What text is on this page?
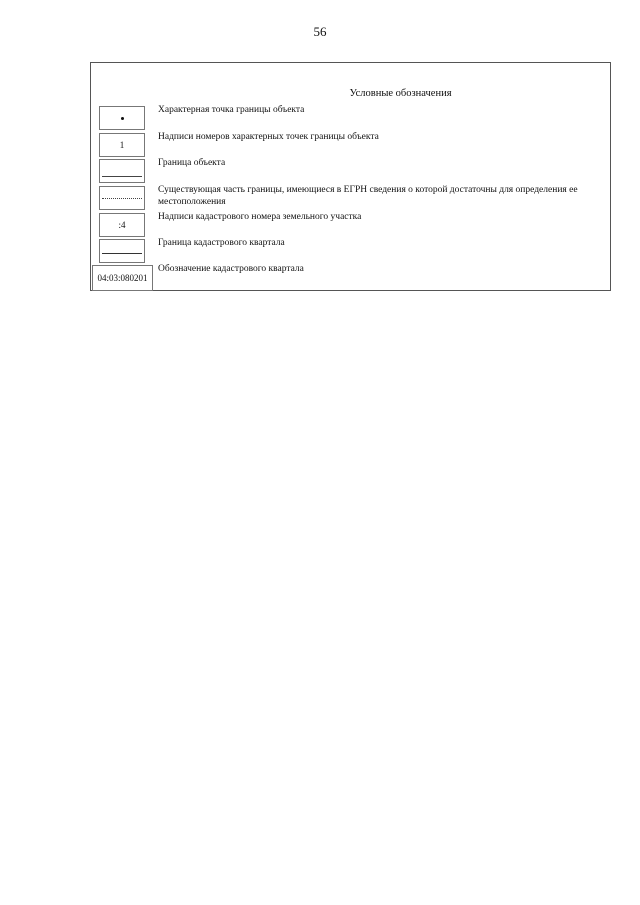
56
Условные обозначения
Характерная точка границы объекта
1
Надписи номеров характерных точек границы объекта
Граница объекта
Существующая часть границы, имеющиеся в ЕГРН сведения о которой достаточны для определения ее местоположения
:4
Надписи кадастрового номера земельного участка
Граница кадастрового квартала
04:03:080201
Обозначение кадастрового квартала
